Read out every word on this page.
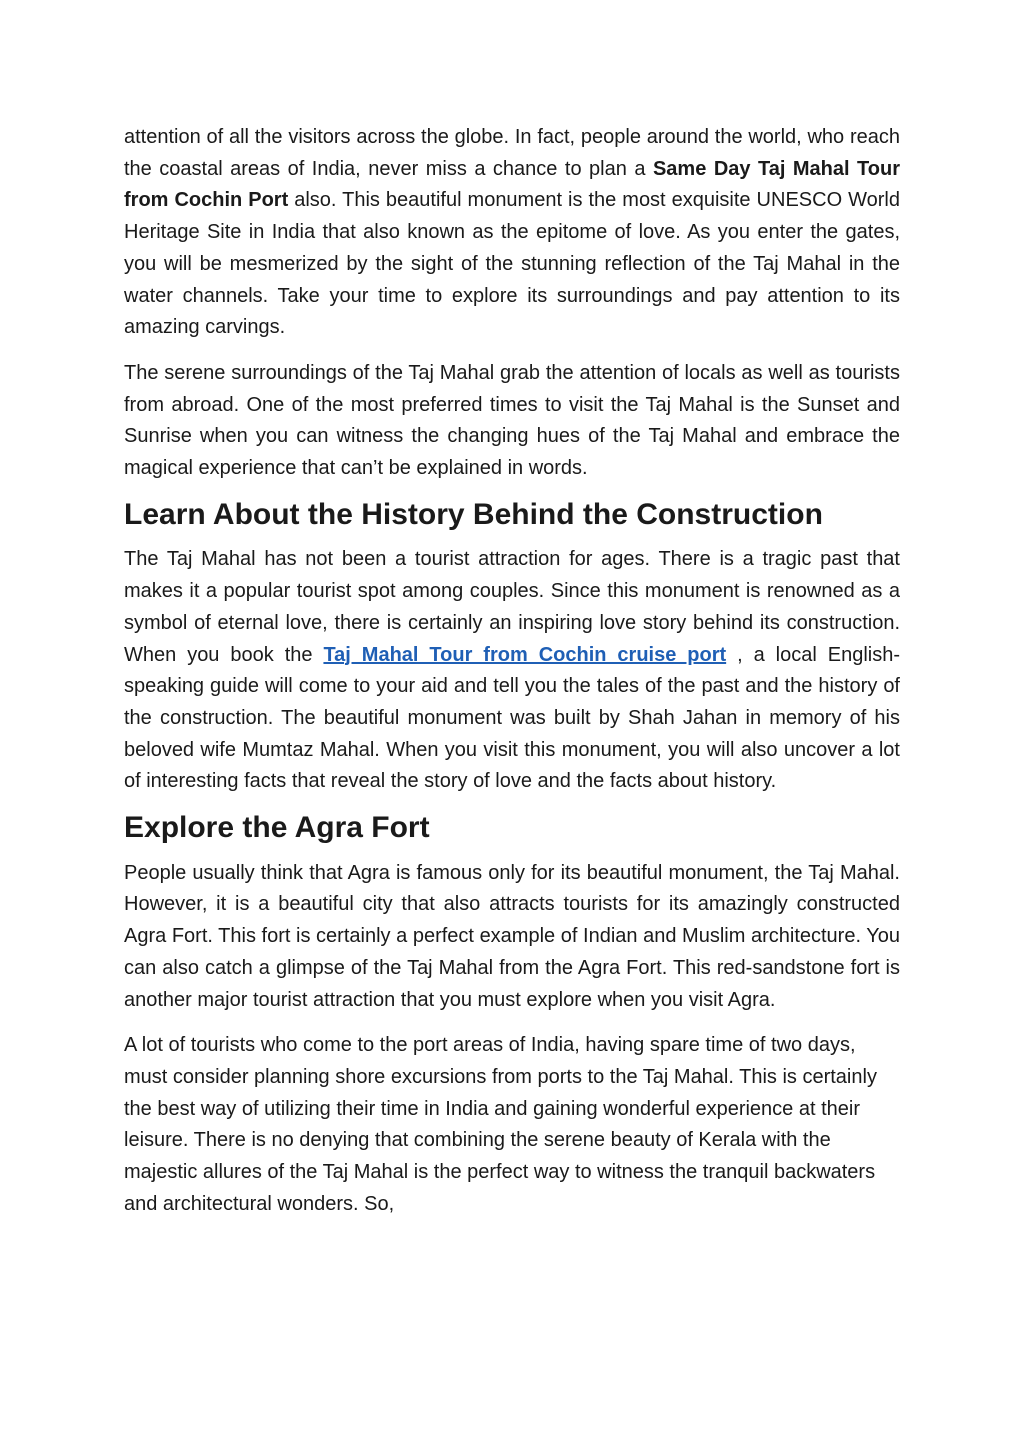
attention of all the visitors across the globe. In fact, people around the world, who reach the coastal areas of India, never miss a chance to plan a Same Day Taj Mahal Tour from Cochin Port also. This beautiful monument is the most exquisite UNESCO World Heritage Site in India that also known as the epitome of love. As you enter the gates, you will be mesmerized by the sight of the stunning reflection of the Taj Mahal in the water channels. Take your time to explore its surroundings and pay attention to its amazing carvings.

The serene surroundings of the Taj Mahal grab the attention of locals as well as tourists from abroad. One of the most preferred times to visit the Taj Mahal is the Sunset and Sunrise when you can witness the changing hues of the Taj Mahal and embrace the magical experience that can’t be explained in words.

Learn About the History Behind the Construction

The Taj Mahal has not been a tourist attraction for ages. There is a tragic past that makes it a popular tourist spot among couples. Since this monument is renowned as a symbol of eternal love, there is certainly an inspiring love story behind its construction. When you book the Taj Mahal Tour from Cochin cruise port , a local English-speaking guide will come to your aid and tell you the tales of the past and the history of the construction. The beautiful monument was built by Shah Jahan in memory of his beloved wife Mumtaz Mahal. When you visit this monument, you will also uncover a lot of interesting facts that reveal the story of love and the facts about history.

Explore the Agra Fort

People usually think that Agra is famous only for its beautiful monument, the Taj Mahal. However, it is a beautiful city that also attracts tourists for its amazingly constructed Agra Fort. This fort is certainly a perfect example of Indian and Muslim architecture. You can also catch a glimpse of the Taj Mahal from the Agra Fort. This red-sandstone fort is another major tourist attraction that you must explore when you visit Agra.

A lot of tourists who come to the port areas of India, having spare time of two days, must consider planning shore excursions from ports to the Taj Mahal. This is certainly the best way of utilizing their time in India and gaining wonderful experience at their leisure. There is no denying that combining the serene beauty of Kerala with the majestic allures of the Taj Mahal is the perfect way to witness the tranquil backwaters and architectural wonders. So,
